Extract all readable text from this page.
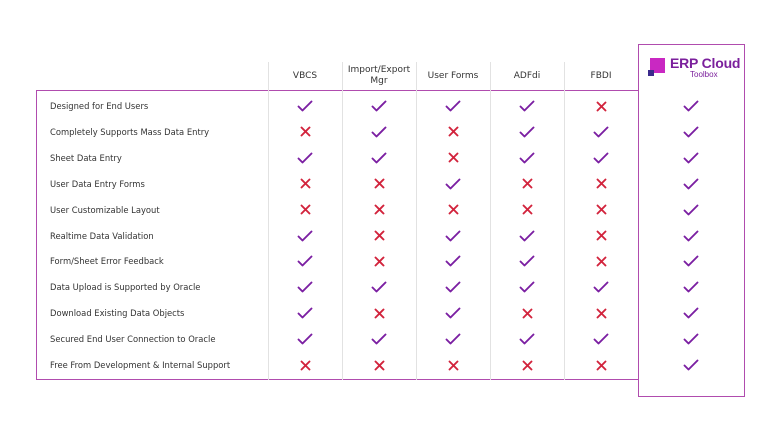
VBCS
Import/Export Mgr
User Forms	ADFdi	FBDI
ERP Cloud
Toolbox
Designed for End Users
Completely Supports Mass Data Entry
Sheet Data Entry
User Data Entry Forms
User Customizable Layout
Realtime Data Validation
Form/Sheet Error Feedback
Data Upload is Supported by Oracle
Download Existing Data Objects
Secured End User Connection to Oracle
Free From Development & Internal Support
